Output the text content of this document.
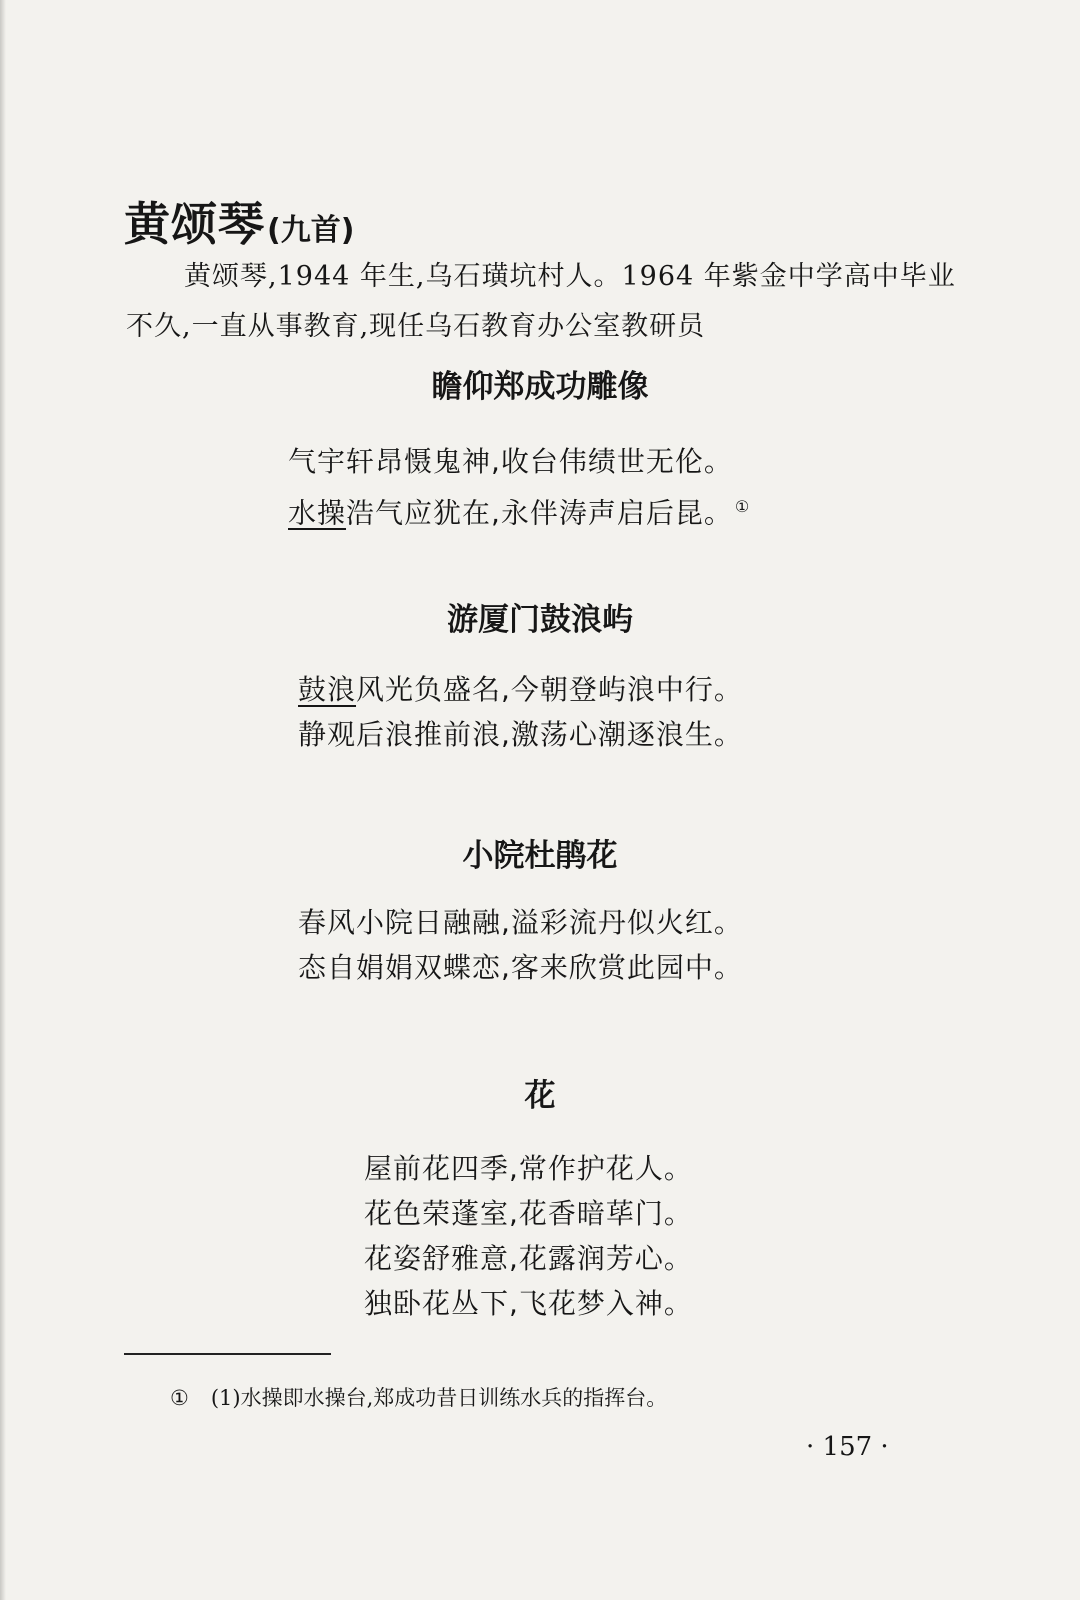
黄颂琴(九首)
黄颂琴,1944 年生,乌石璜坑村人。1964 年紫金中学高中毕业不久,一直从事教育,现任乌石教育办公室教研员
瞻仰郑成功雕像
气宇轩昂慑鬼神,收台伟绩世无伦。
水操浩气应犹在,永伴涛声启后昆。 ①
游厦门鼓浪屿
鼓浪风光负盛名,今朝登屿浪中行。
静观后浪推前浪,激荡心潮逐浪生。
小院杜鹃花
春风小院日融融,溢彩流丹似火红。
态自娟娟双蝶恋,客来欣赏此园中。
花
屋前花四季,常作护花人。
花色荣蓬室,花香暗荜门。
花姿舒雅意,花露润芳心。
独卧花丛下,飞花梦入神。
① (1)水操即水操台,郑成功昔日训练水兵的指挥台。
· 157 ·
